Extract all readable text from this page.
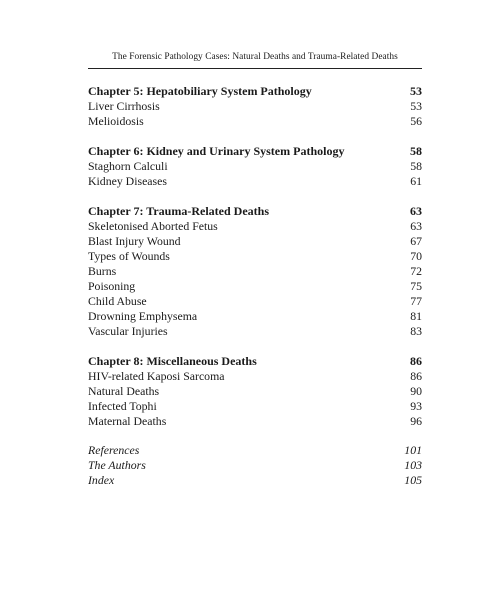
The Forensic Pathology Cases: Natural Deaths and Trauma-Related Deaths
Chapter 5: Hepatobiliary System Pathology	53
Liver Cirrhosis	53
Melioidosis	56
Chapter 6: Kidney and Urinary System Pathology	58
Staghorn Calculi	58
Kidney Diseases	61
Chapter 7: Trauma-Related Deaths	63
Skeletonised Aborted Fetus	63
Blast Injury Wound	67
Types of Wounds	70
Burns	72
Poisoning	75
Child Abuse	77
Drowning Emphysema	81
Vascular Injuries	83
Chapter 8: Miscellaneous Deaths	86
HIV-related Kaposi Sarcoma	86
Natural Deaths	90
Infected Tophi	93
Maternal Deaths	96
References	101
The Authors	103
Index	105
